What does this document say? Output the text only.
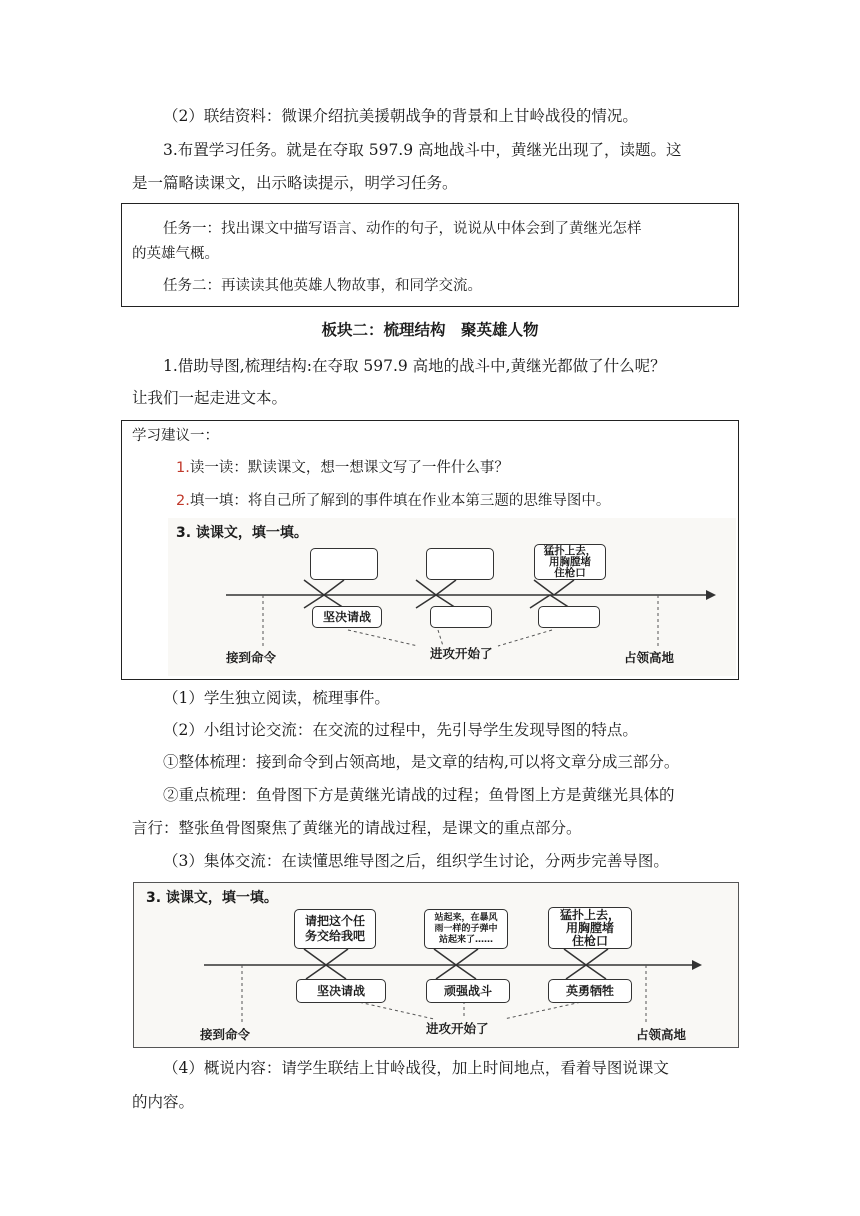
（2）联结资料：微课介绍抗美援朝战争的背景和上甘岭战役的情况。
3.布置学习任务。就是在夺取 597.9 高地战斗中，黄继光出现了，读题。这
是一篇略读课文，出示略读提示，明学习任务。
任务一：找出课文中描写语言、动作的句子，说说从中体会到了黄继光怎样
的英雄气概。
任务二：再读读其他英雄人物故事，和同学交流。
板块二：梳理结构　聚英雄人物
1.借助导图,梳理结构:在夺取 597.9 高地的战斗中,黄继光都做了什么呢？
让我们一起走进文本。
学习建议一：
1.读一读：默读课文，想一想课文写了一件什么事？
2.填一填：将自己所了解到的事件填在作业本第三题的思维导图中。
3. 读课文，填一填。
猛扑上去，
用胸膛堵
住枪口
坚决请战
接到命令	进攻开始了	占领高地
（1）学生独立阅读，梳理事件。
（2）小组讨论交流：在交流的过程中，先引导学生发现导图的特点。
①整体梳理：接到命令到占领高地，是文章的结构,可以将文章分成三部分。
②重点梳理：鱼骨图下方是黄继光请战的过程；鱼骨图上方是黄继光具体的
言行：整张鱼骨图聚焦了黄继光的请战过程，是课文的重点部分。
（3）集体交流：在读懂思维导图之后，组织学生讨论，分两步完善导图。
3. 读课文，填一填。
请把这个任
务交给我吧
站起来，在暴风
雨一样的子弹中
站起来了……
猛扑上去，
用胸膛堵
住枪口
坚决请战	顽强战斗	英勇牺牲
接到命令	进攻开始了	占领高地
（4）概说内容：请学生联结上甘岭战役，加上时间地点，看着导图说课文
的内容。
